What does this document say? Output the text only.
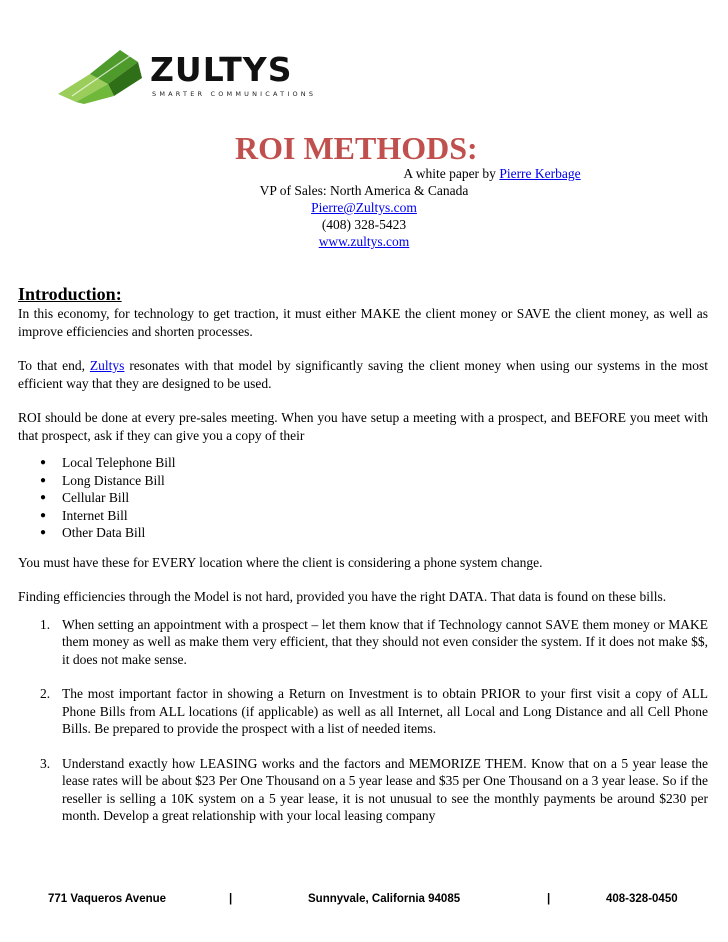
ZULTYS
SMARTER COMMUNICATIONS
ROI METHODS:
A white paper by Pierre Kerbage
VP of Sales: North America & Canada
Pierre@Zultys.com
(408) 328-5423
www.zultys.com
Introduction:

In this economy, for technology to get traction, it must either MAKE the client money or SAVE the client money, as well as improve efficiencies and shorten processes.

To that end, Zultys resonates with that model by significantly saving the client money when using our systems in the most efficient way that they are designed to be used.

ROI should be done at every pre-sales meeting. When you have setup a meeting with a prospect, and BEFORE you meet with that prospect, ask if they can give you a copy of their

● Local Telephone Bill
● Long Distance Bill
● Cellular Bill
● Internet Bill
● Other Data Bill

You must have these for EVERY location where the client is considering a phone system change.

Finding efficiencies through the Model is not hard, provided you have the right DATA. That data is found on these bills.

1. When setting an appointment with a prospect – let them know that if Technology cannot SAVE them money or MAKE them money as well as make them very efficient, that they should not even consider the system. If it does not make $$, it does not make sense.
2. The most important factor in showing a Return on Investment is to obtain PRIOR to your first visit a copy of ALL Phone Bills from ALL locations (if applicable) as well as all Internet, all Local and Long Distance and all Cell Phone Bills. Be prepared to provide the prospect with a list of needed items.
3. Understand exactly how LEASING works and the factors and MEMORIZE THEM. Know that on a 5 year lease the lease rates will be about $23 Per One Thousand on a 5 year lease and $35 per One Thousand on a 3 year lease. So if the reseller is selling a 10K system on a 5 year lease, it is not unusual to see the monthly payments be around $230 per month. Develop a great relationship with your local leasing company
771 Vaqueros Avenue	|	Sunnyvale, California 94085	|	408-328-0450
